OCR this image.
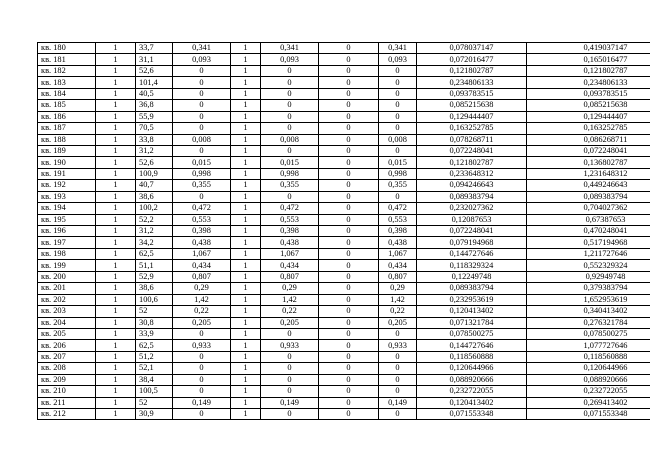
кв. 180	1	33,7	0,341	1	0,341	0	0,341	0,078037147	0,419037147
кв. 181	1	31,1	0,093	1	0,093	0	0,093	0,072016477	0,165016477
кв. 182	1	52,6	0	1	0	0	0	0,121802787	0,121802787
кв. 183	1	101,4	0	1	0	0	0	0,234806133	0,234806133
кв. 184	1	40,5	0	1	0	0	0	0,093783515	0,093783515
кв. 185	1	36,8	0	1	0	0	0	0,085215638	0,085215638
кв. 186	1	55,9	0	1	0	0	0	0,129444407	0,129444407
кв. 187	1	70,5	0	1	0	0	0	0,163252785	0,163252785
кв. 188	1	33,8	0,008	1	0,008	0	0,008	0,078268711	0,086268711
кв. 189	1	31,2	0	1	0	0	0	0,072248041	0,072248041
кв. 190	1	52,6	0,015	1	0,015	0	0,015	0,121802787	0,136802787
кв. 191	1	100,9	0,998	1	0,998	0	0,998	0,233648312	1,231648312
кв. 192	1	40,7	0,355	1	0,355	0	0,355	0,094246643	0,449246643
кв. 193	1	38,6	0	1	0	0	0	0,089383794	0,089383794
кв. 194	1	100,2	0,472	1	0,472	0	0,472	0,232027362	0,704027362
кв. 195	1	52,2	0,553	1	0,553	0	0,553	0,12087653	0,67387653
кв. 196	1	31,2	0,398	1	0,398	0	0,398	0,072248041	0,470248041
кв. 197	1	34,2	0,438	1	0,438	0	0,438	0,079194968	0,517194968
кв. 198	1	62,5	1,067	1	1,067	0	1,067	0,144727646	1,211727646
кв. 199	1	51,1	0,434	1	0,434	0	0,434	0,118329324	0,552329324
кв. 200	1	52,9	0,807	1	0,807	0	0,807	0,12249748	0,92949748
кв. 201	1	38,6	0,29	1	0,29	0	0,29	0,089383794	0,379383794
кв. 202	1	100,6	1,42	1	1,42	0	1,42	0,232953619	1,652953619
кв. 203	1	52	0,22	1	0,22	0	0,22	0,120413402	0,340413402
кв. 204	1	30,8	0,205	1	0,205	0	0,205	0,071321784	0,276321784
кв. 205	1	33,9	0	1	0	0	0	0,078500275	0,078500275
кв. 206	1	62,5	0,933	1	0,933	0	0,933	0,144727646	1,077727646
кв. 207	1	51,2	0	1	0	0	0	0,118560888	0,118560888
кв. 208	1	52,1	0	1	0	0	0	0,120644966	0,120644966
кв. 209	1	38,4	0	1	0	0	0	0,088920666	0,088920666
кв. 210	1	100,5	0	1	0	0	0	0,232722055	0,232722055
кв. 211	1	52	0,149	1	0,149	0	0,149	0,120413402	0,269413402
кв. 212	1	30,9	0	1	0	0	0	0,071553348	0,071553348
